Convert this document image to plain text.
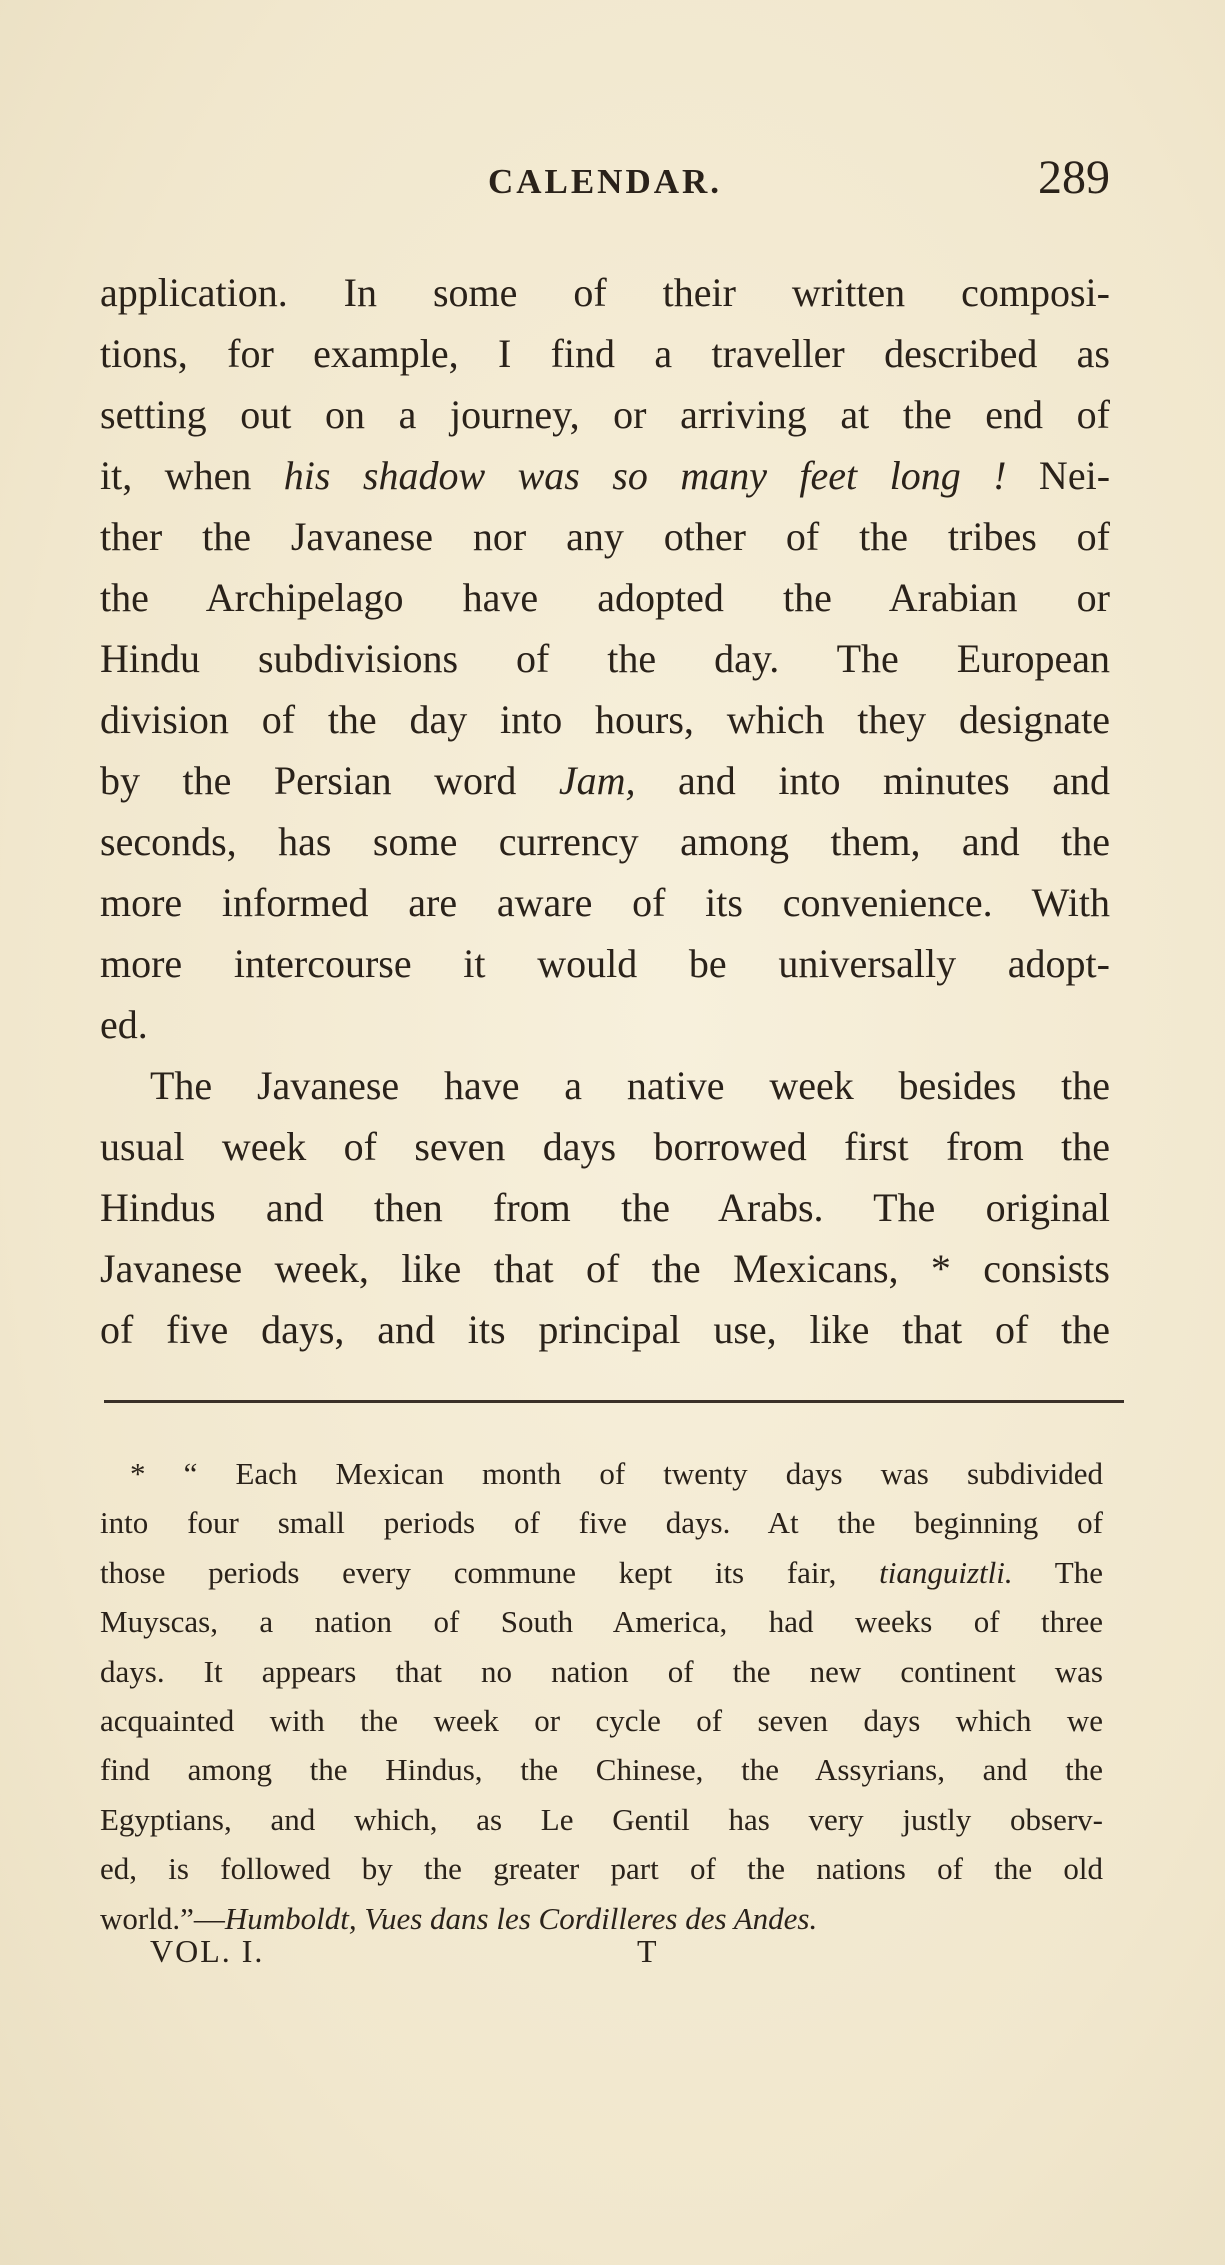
CALENDAR.	289
application. In some of their written composi-
tions, for example, I find a traveller described as
setting out on a journey, or arriving at the end of
it, when his shadow was so many feet long ! Nei-
ther the Javanese nor any other of the tribes of
the Archipelago have adopted the Arabian or
Hindu subdivisions of the day. The European
division of the day into hours, which they designate
by the Persian word Jam, and into minutes and
seconds, has some currency among them, and the
more informed are aware of its convenience. With
more intercourse it would be universally adopt-
ed.
The Javanese have a native week besides the
usual week of seven days borrowed first from the
Hindus and then from the Arabs. The original
Javanese week, like that of the Mexicans, * consists
of five days, and its principal use, like that of the
* “ Each Mexican month of twenty days was subdivided
into four small periods of five days. At the beginning of
those periods every commune kept its fair, tianguiztli. The
Muyscas, a nation of South America, had weeks of three
days. It appears that no nation of the new continent was
acquainted with the week or cycle of seven days which we
find among the Hindus, the Chinese, the Assyrians, and the
Egyptians, and which, as Le Gentil has very justly observ-
ed, is followed by the greater part of the nations of the old
world.”—Humboldt, Vues dans les Cordilleres des Andes.
VOL. I.	T
